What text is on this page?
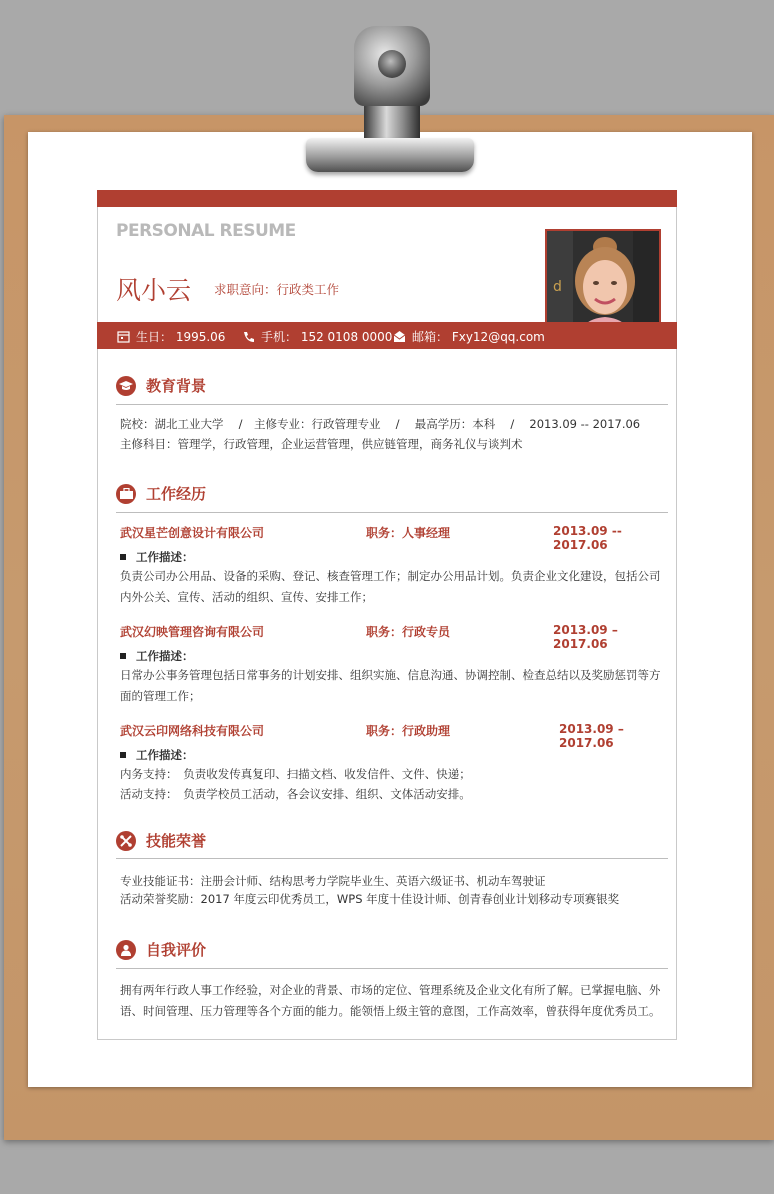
PERSONAL RESUME
风小云 求职意向：行政类工作	d
生日： 1995.06	手机： 152 0108 0000 邮箱： Fxy12@qq.com
教育背景
院校：湖北工业大学　 /　主修专业：行政管理专业　 /　 最高学历：本科　 /　 2013.09 -- 2017.06
主修科目：管理学，行政管理，企业运营管理，供应链管理，商务礼仪与谈判术
工作经历
武汉星芒创意设计有限公司	职务：人事经理	2013.09 -- 2017.06
工作描述：
负责公司办公用品、设备的采购、登记、核查管理工作；制定办公用品计划。负责企业文化建设，包括公司内外公关、宣传、活动的组织、宣传、安排工作；
武汉幻映管理咨询有限公司	职务：行政专员	2013.09 – 2017.06
工作描述：
日常办公事务管理包括日常事务的计划安排、组织实施、信息沟通、协调控制、检查总结以及奖励惩罚等方面的管理工作；
武汉云印网络科技有限公司	职务：行政助理	2013.09 – 2017.06
工作描述：
内务支持：　负责收发传真复印、扫描文档、收发信件、文件、快递；
活动支持：　负责学校员工活动，各会议安排、组织、文体活动安排。
技能荣誉
专业技能证书：注册会计师、结构思考力学院毕业生、英语六级证书、机动车驾驶证
活动荣誉奖励：2017 年度云印优秀员工，WPS 年度十佳设计师、创青春创业计划移动专项赛银奖
自我评价
拥有两年行政人事工作经验，对企业的背景、市场的定位、管理系统及企业文化有所了解。已掌握电脑、外语、时间管理、压力管理等各个方面的能力。能领悟上级主管的意图，工作高效率，曾获得年度优秀员工。
